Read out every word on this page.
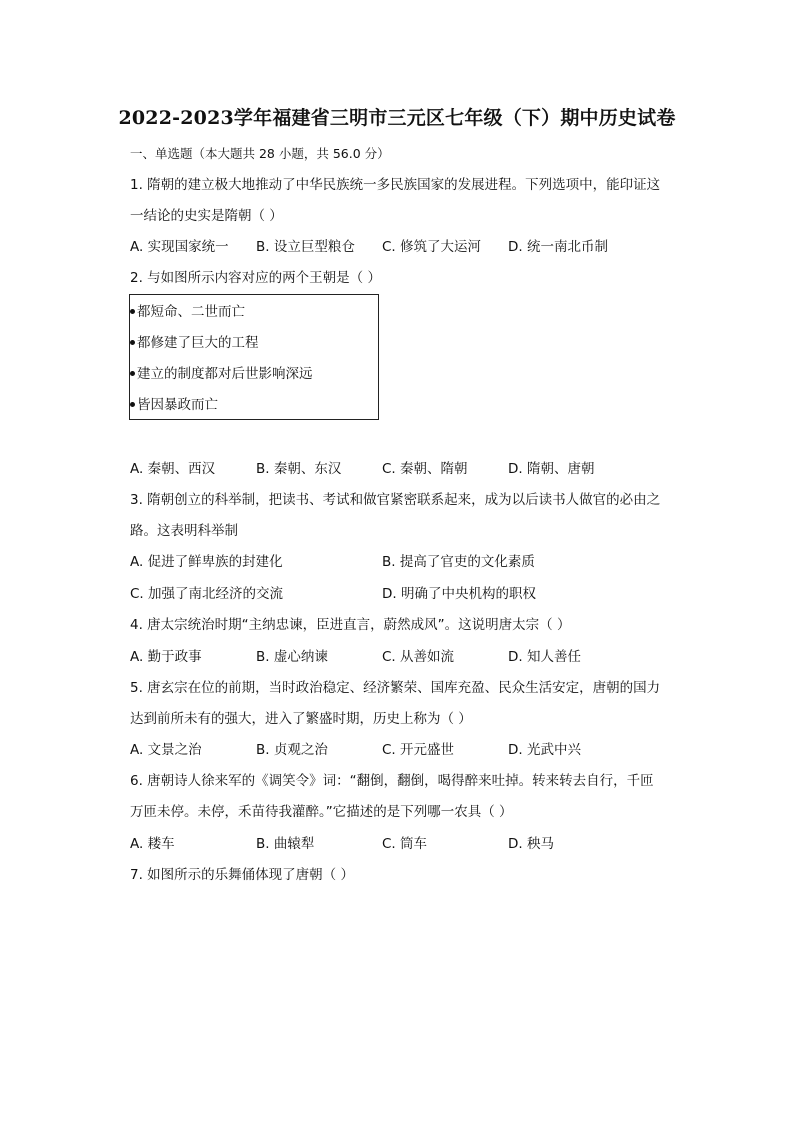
2022-2023学年福建省三明市三元区七年级（下）期中历史试卷
一、单选题（本大题共 28 小题，共 56.0 分）
1. 隋朝的建立极大地推动了中华民族统一多民族国家的发展进程。下列选项中，能印证这
一结论的史实是隋朝（ ）
A. 实现国家统一 B. 设立巨型粮仓 C. 修筑了大运河 D. 统一南北币制
2. 与如图所示内容对应的两个王朝是（ ）
都短命、二世而亡
都修建了巨大的工程
建立的制度都对后世影响深远
皆因暴政而亡
A. 秦朝、西汉	B. 秦朝、东汉	C. 秦朝、隋朝	D. 隋朝、唐朝
3. 隋朝创立的科举制，把读书、考试和做官紧密联系起来，成为以后读书人做官的必由之
路。这表明科举制
A. 促进了鲜卑族的封建化	B. 提高了官吏的文化素质
C. 加强了南北经济的交流	D. 明确了中央机构的职权
4. 唐太宗统治时期“主纳忠谏，臣进直言，蔚然成风”。这说明唐太宗（ ）
A. 勤于政事	B. 虚心纳谏	C. 从善如流	D. 知人善任
5. 唐玄宗在位的前期，当时政治稳定、经济繁荣、国库充盈、民众生活安定，唐朝的国力
达到前所未有的强大，进入了繁盛时期，历史上称为（ ）
A. 文景之治	B. 贞观之治	C. 开元盛世	D. 光武中兴
6. 唐朝诗人徐来军的《调笑令》词：“翻倒，翻倒，喝得醉来吐掉。转来转去自行，千匝
万匝未停。未停，禾苗待我灌醉。”它描述的是下列哪一农具（ ）
A. 耧车	B. 曲辕犁	C. 筒车	D. 秧马
7. 如图所示的乐舞俑体现了唐朝（ ）
